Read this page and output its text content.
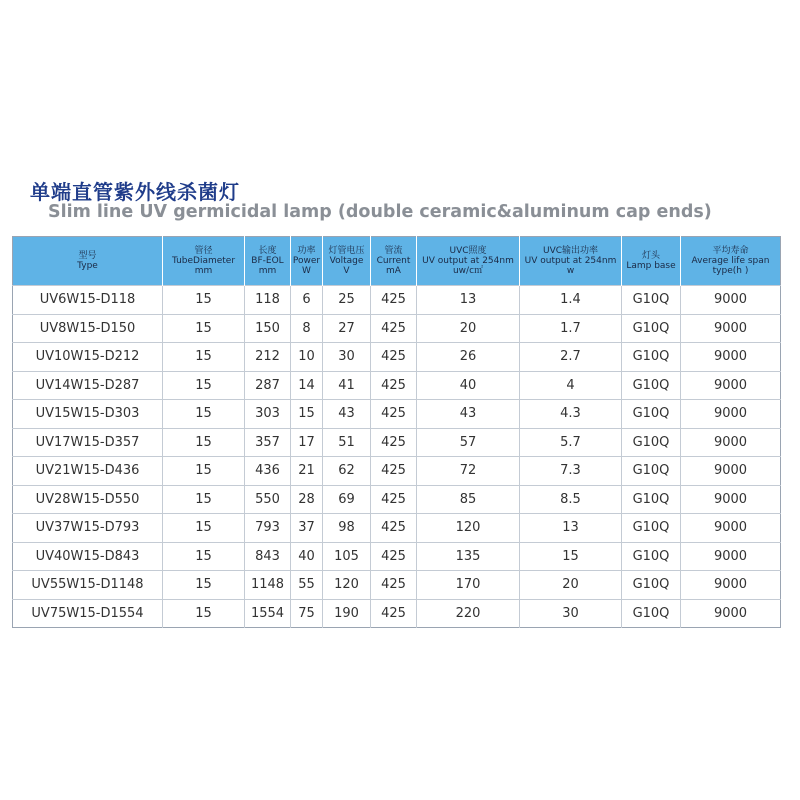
单端直管紫外线杀菌灯
Slim line UV germicidal lamp (double ceramic&aluminum cap ends)
型号
Type	管径
TubeDiameter
mm	长度
BF-EOL
mm	功率
Power
W	灯管电压
Voltage
V	管流
Current
mA	UVC照度
UV output at 254nm
uw/c㎡	UVC输出功率
UV output at 254nm
w	灯头
Lamp base	平均寿命
Average life span
type(h )

UV6W15-D118	15	118	6	25	425	13	1.4	G10Q	9000
UV8W15-D150	15	150	8	27	425	20	1.7	G10Q	9000
UV10W15-D212	15	212	10	30	425	26	2.7	G10Q	9000
UV14W15-D287	15	287	14	41	425	40	4	G10Q	9000
UV15W15-D303	15	303	15	43	425	43	4.3	G10Q	9000
UV17W15-D357	15	357	17	51	425	57	5.7	G10Q	9000
UV21W15-D436	15	436	21	62	425	72	7.3	G10Q	9000
UV28W15-D550	15	550	28	69	425	85	8.5	G10Q	9000
UV37W15-D793	15	793	37	98	425	120	13	G10Q	9000
UV40W15-D843	15	843	40	105	425	135	15	G10Q	9000
UV55W15-D1148	15	1148	55	120	425	170	20	G10Q	9000
UV75W15-D1554	15	1554	75	190	425	220	30	G10Q	9000
